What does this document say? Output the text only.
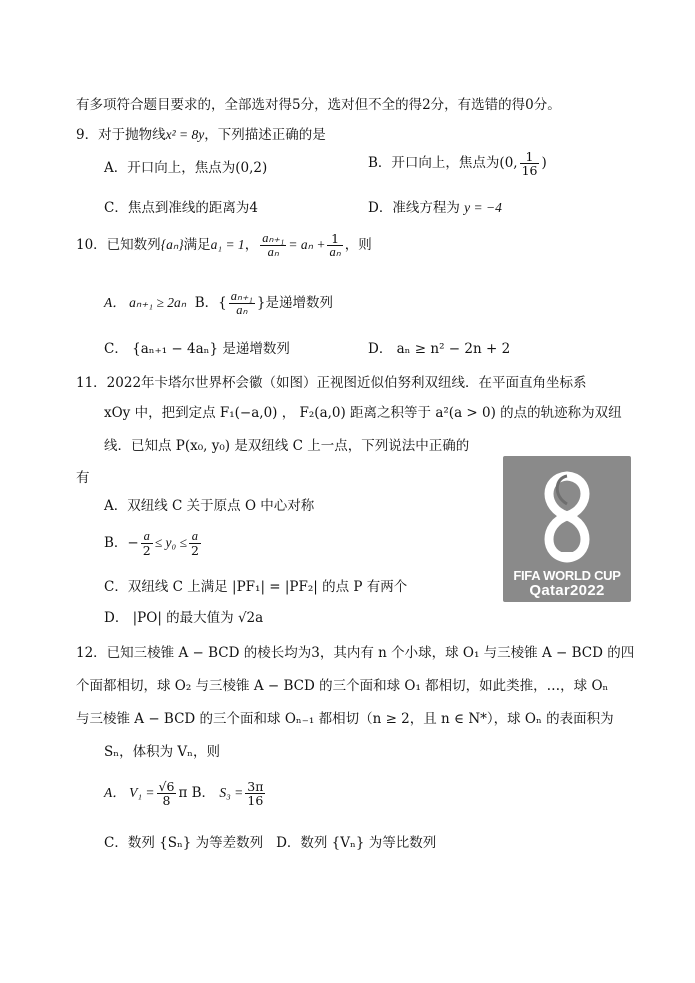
有多项符合题目要求的，全部选对得5分，选对但不全的得2分，有选错的得0分。
9．对于抛物线x² = 8y，下列描述正确的是
A．开口向上，焦点为(0,2)	B．开口向上，焦点为(0, $\frac{1}{16}$ )
C．焦点到准线的距离为4	D．准线方程为 y = −4
10．已知数列{aₙ}满足a₁ = 1， $\frac{\text{aₙ₊₁}}{\text{aₙ}} = a_n + \frac{1}{\text{aₙ}}$ ，则
A． aₙ₊₁ ≥ 2aₙ B．{ $\frac{\text{aₙ₊₁}}{\text{aₙ}}$ }是递增数列
C． {aₙ₊₁ − 4aₙ} 是递增数列	D． aₙ ≥ n² − 2n + 2
11．2022年卡塔尔世界杯会徽（如图）正视图近似伯努利双纽线．在平面直角坐标系
xOy 中，把到定点 F₁(−a,0) ， F₂(a,0) 距离之积等于 a²(a > 0) 的点的轨迹称为双纽
线．已知点 P(x₀, y₀) 是双纽线 C 上一点，下列说法中正确的
有
A．双纽线 C 关于原点 O 中心对称
B．− $\frac{a}{2} \le y_0 \le \frac{a}{2}$
C．双纽线 C 上满足 |PF₁| = |PF₂| 的点 P 有两个
D． |PO| 的最大值为 √2a
FIFA WORLD CUP
Qatar2022
12．已知三棱锥 A − BCD 的棱长均为3，其内有 n 个小球，球 O₁ 与三棱锥 A − BCD 的四
个面都相切，球 O₂ 与三棱锥 A − BCD 的三个面和球 O₁ 都相切，如此类推，…，球 Oₙ
与三棱锥 A − BCD 的三个面和球 Oₙ₋₁ 都相切（n ≥ 2，且 n ∈ N*），球 Oₙ 的表面积为
Sₙ，体积为 Vₙ，则
A． $V_1 = \frac{√6}{8}$ π B． $S_3 = \frac{3\pi}{16}$
C．数列 {Sₙ} 为等差数列 D．数列 {Vₙ} 为等比数列
